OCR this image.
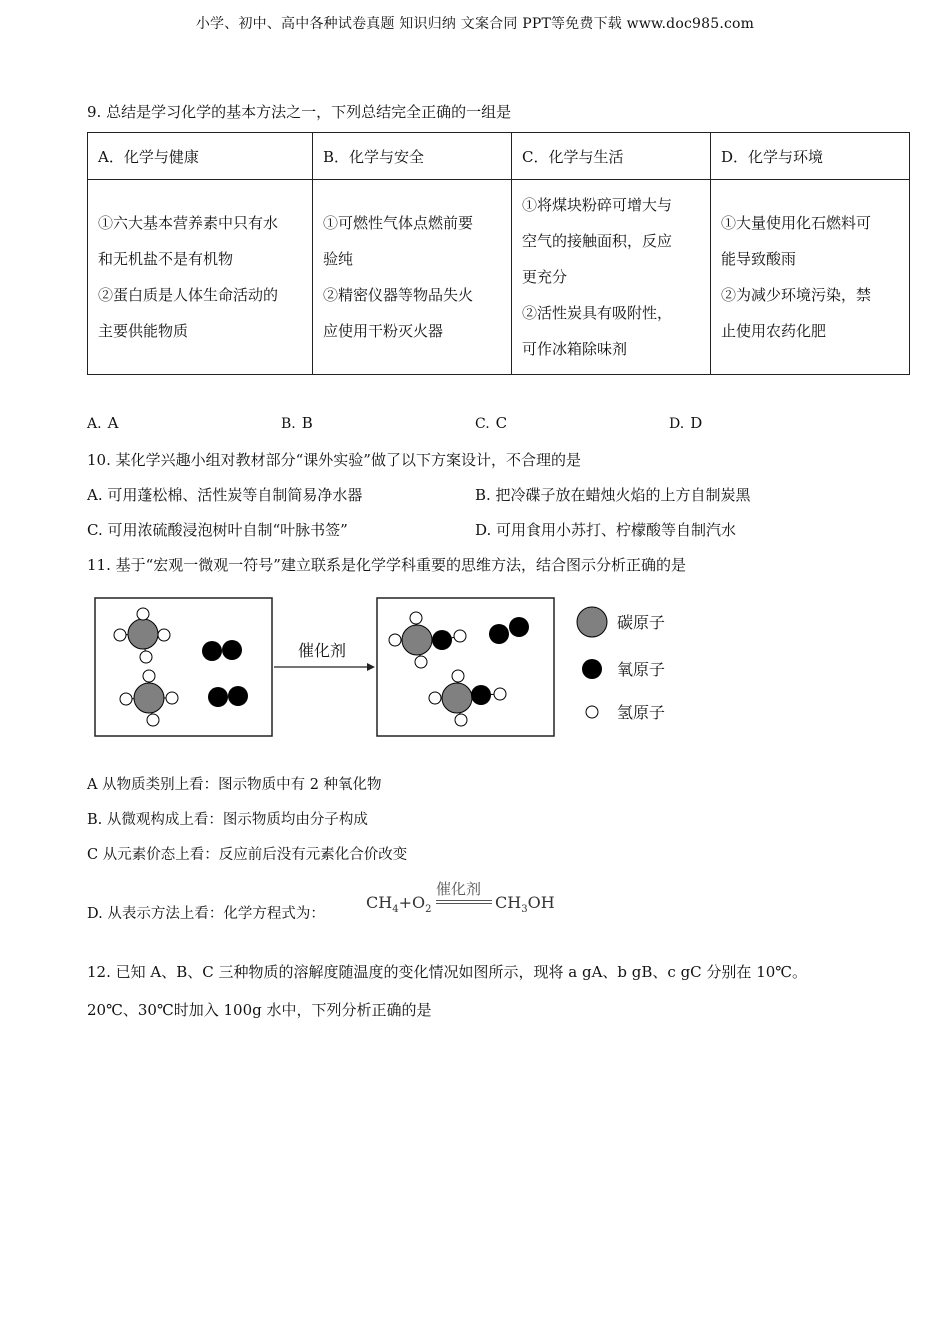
小学、初中、高中各种试卷真题 知识归纳 文案合同 PPT等免费下载 www.doc985.com
9. 总结是学习化学的基本方法之一，下列总结完全正确的一组是
A．化学与健康	B．化学与安全	C．化学与生活	D．化学与环境

①六大基本营养素中只有水
和无机盐不是有机物
②蛋白质是人体生命活动的
主要供能物质	①可燃性气体点燃前要
验纯
②精密仪器等物品失火
应使用干粉灭火器	①将煤块粉碎可增大与
空气的接触面积，反应
更充分
②活性炭具有吸附性，
可作冰箱除味剂	①大量使用化石燃料可
能导致酸雨
②为减少环境污染，禁
止使用农药化肥
A. A	B. B	C. C	D. D
10. 某化学兴趣小组对教材部分“课外实验”做了以下方案设计，不合理的是
A. 可用蓬松棉、活性炭等自制简易净水器	B. 把冷碟子放在蜡烛火焰的上方自制炭黑
C. 可用浓硫酸浸泡树叶自制“叶脉书签”	D. 可用食用小苏打、柠檬酸等自制汽水
11. 基于“宏观一微观一符号”建立联系是化学学科重要的思维方法，结合图示分析正确的是
催化剂
碳原子
氧原子
氢原子
A 从物质类别上看：图示物质中有 2 种氧化物
B. 从微观构成上看：图示物质均由分子构成
C 从元素价态上看：反应前后没有元素化合价改变
D. 从表示方法上看：化学方程式为：
催化剂
$CH_4+O_2$	$CH_3OH$
12. 已知 A、B、C 三种物质的溶解度随温度的变化情况如图所示，现将 a gA、b gB、c gC 分别在 10℃。
20℃、30℃时加入 100g 水中，下列分析正确的是
